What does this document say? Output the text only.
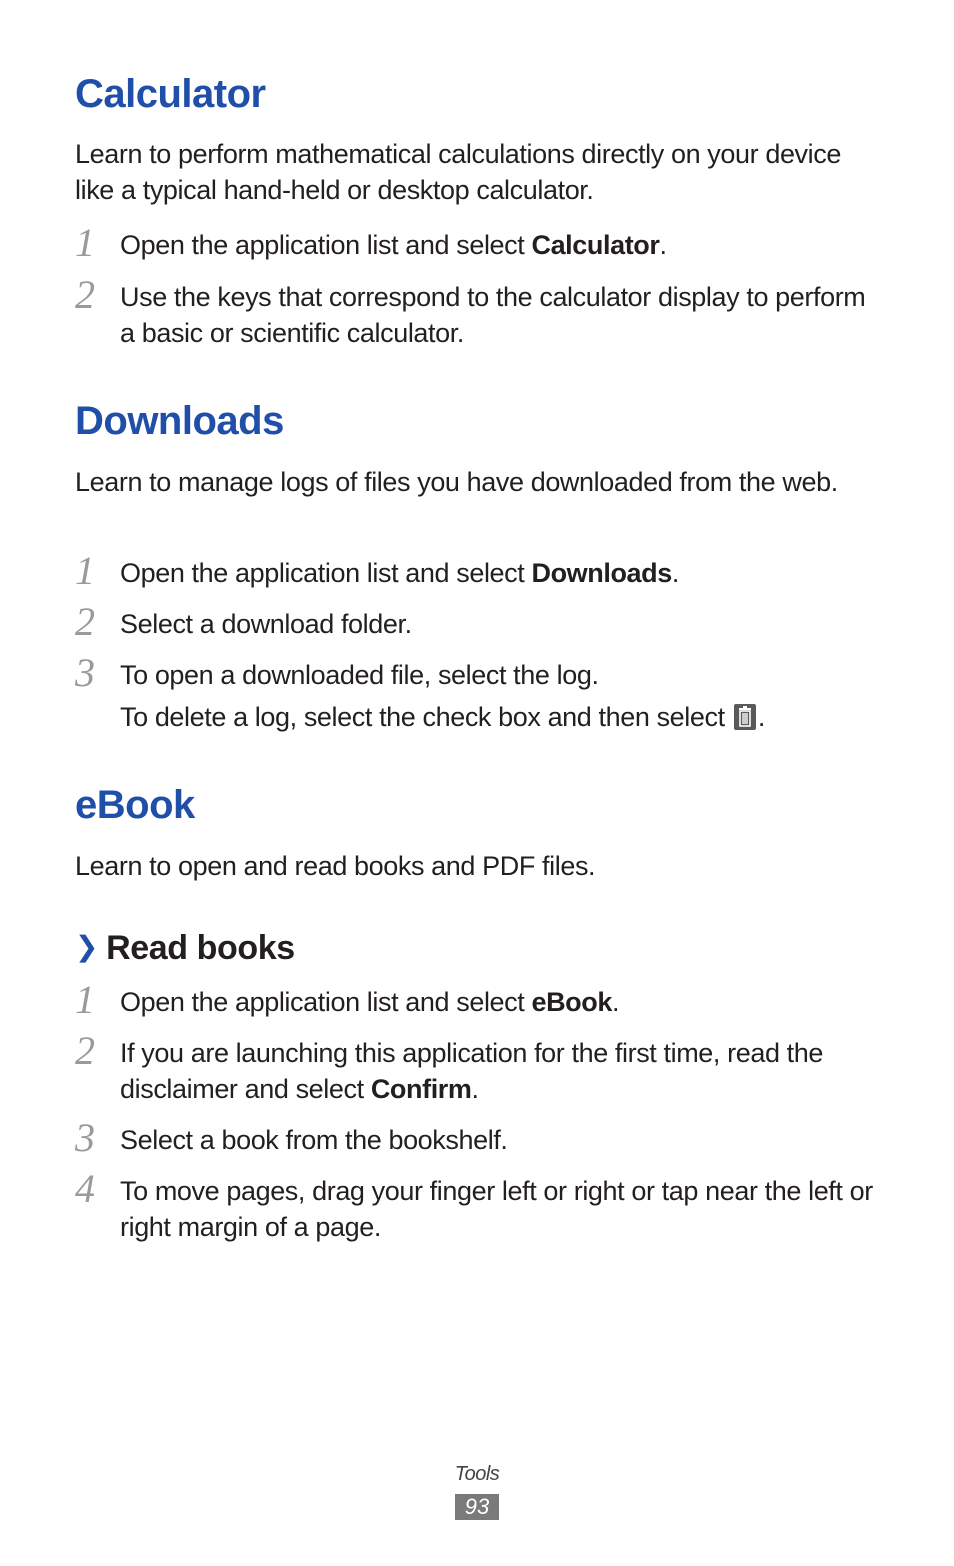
Calculator

Learn to perform mathematical calculations directly on your device like a typical hand-held or desktop calculator.

1 Open the application list and select Calculator.
2 Use the keys that correspond to the calculator display to perform a basic or scientific calculator.
Downloads

Learn to manage logs of files you have downloaded from the web.

1 Open the application list and select Downloads.
2 Select a download folder.
3 To open a downloaded file, select the log.
To delete a log, select the check box and then select
.
eBook

Learn to open and read books and PDF files.

❯ Read books
1 Open the application list and select eBook.
2 If you are launching this application for the first time, read the disclaimer and select Confirm.
3 Select a book from the bookshelf.
4 To move pages, drag your finger left or right or tap near the left or right margin of a page.
Tools
93
